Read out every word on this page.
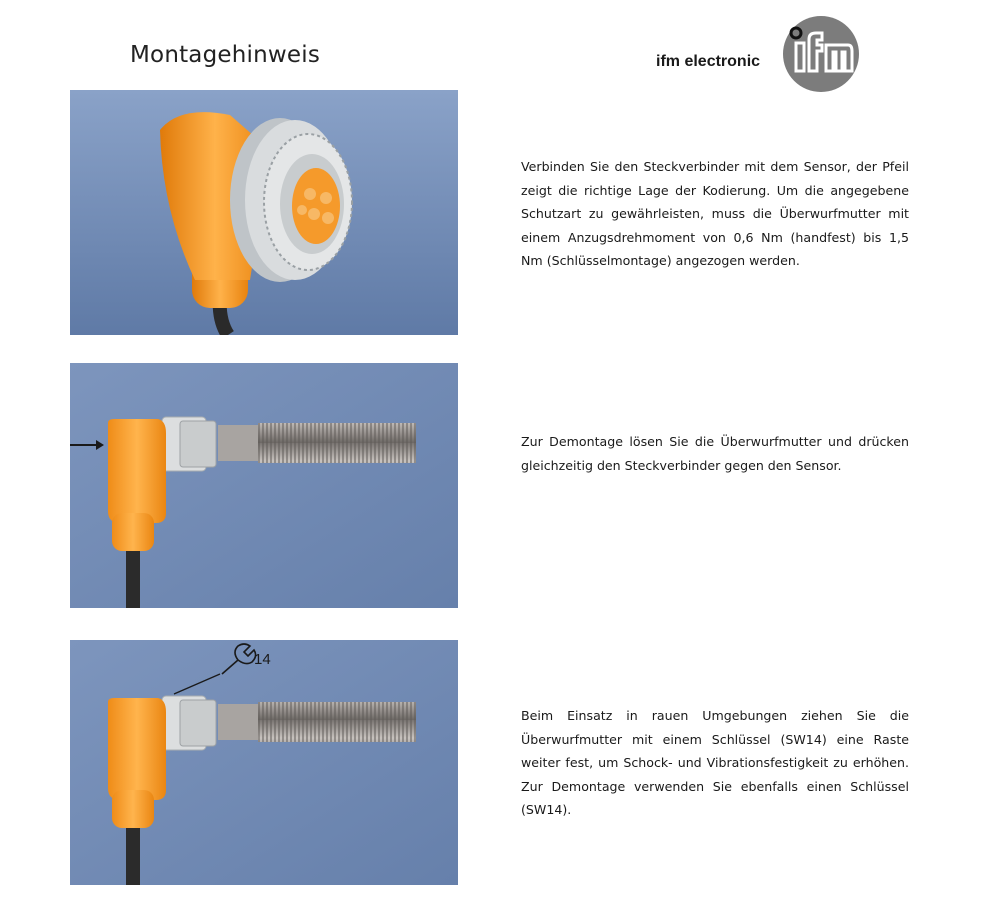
Montagehinweis	ifm electronic
14
Verbinden Sie den Steckverbinder mit dem Sensor, der Pfeil zeigt die richtige Lage der Kodierung. Um die angegebene Schutzart zu gewährleisten, muss die Überwurfmutter mit einem Anzugsdrehmoment von 0,6 Nm (handfest) bis 1,5 Nm (Schlüsselmontage) angezogen werden.
Zur Demontage lösen Sie die Überwurfmutter und drücken gleichzeitig den Steckverbinder gegen den Sensor.
Beim Einsatz in rauen Umgebungen ziehen Sie die Überwurfmutter mit einem Schlüssel (SW14) eine Raste weiter fest, um Schock- und Vibrationsfestigkeit zu erhöhen. Zur Demontage verwenden Sie ebenfalls einen Schlüssel (SW14).
